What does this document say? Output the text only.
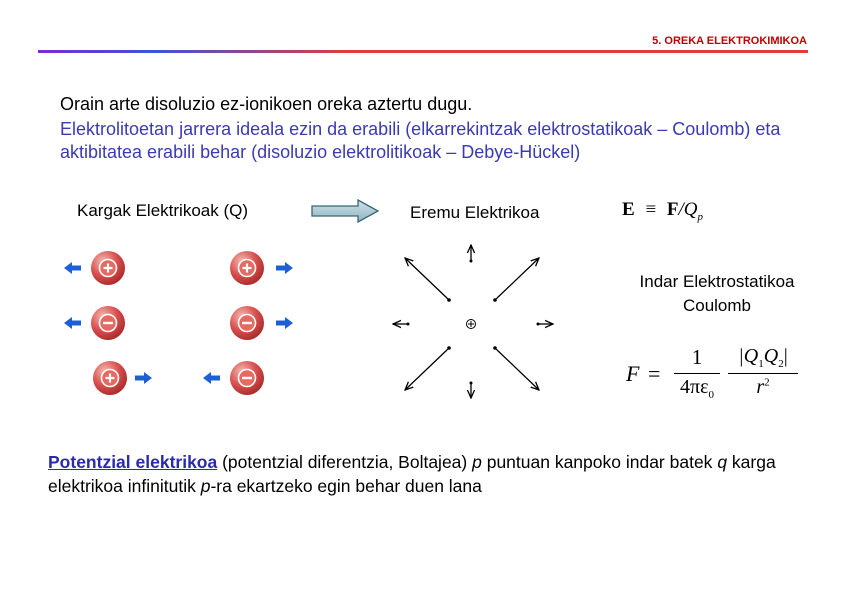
5. OREKA ELEKTROKIMIKOA
Orain arte disoluzio ez-ionikoen oreka aztertu dugu.
Elektrolitoetan jarrera ideala ezin da erabili (elkarrekintzak elektrostatikoak – Coulomb) eta aktibitatea erabili behar (disoluzio elektrolitikoak – Debye-Hückel)
Kargak Elektrikoak (Q)	Eremu Elektrikoa	$E \equiv F/Q_p$
Indar Elektrostatikoa
Coulomb
F =
1
$4\pi\varepsilon_0$
$|Q_1Q_2|$
$r^2$
Potentzial elektrikoa (potentzial diferentzia, Boltajea) p puntuan kanpoko indar batek q karga elektrikoa infinitutik p-ra ekartzeko egin behar duen lana
